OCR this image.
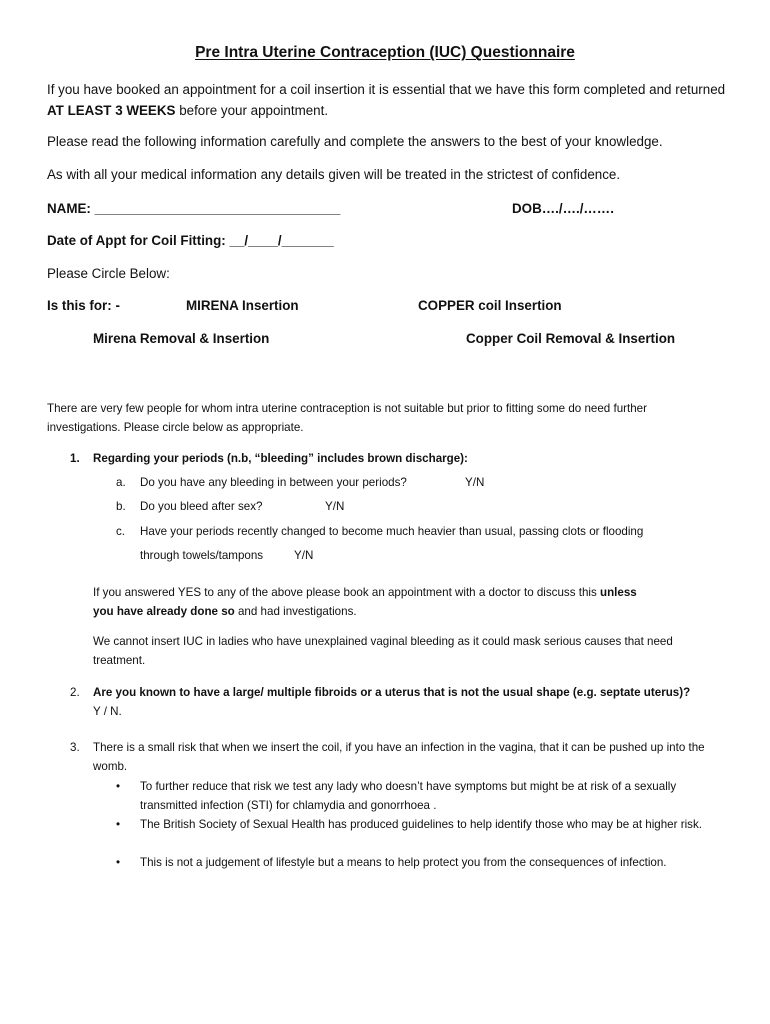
Pre Intra Uterine Contraception (IUC) Questionnaire
If you have booked an appointment for a coil insertion it is essential that we have this form completed and returned AT LEAST 3 WEEKS before your appointment.
Please read the following information carefully and complete the answers to the best of your knowledge.
As with all your medical information any details given will be treated in the strictest of confidence.
NAME: _________________________________	DOB…./…./…….
Date of Appt for Coil Fitting: __/____/_______
Please Circle Below:
Is this for: -	MIRENA Insertion	COPPER coil Insertion
Mirena Removal & Insertion	Copper Coil Removal & Insertion
There are very few people for whom intra uterine contraception is not suitable but prior to fitting some do need further investigations. Please circle below as appropriate.
1. Regarding your periods (n.b, “bleeding” includes brown discharge):
a. Do you have any bleeding in between your periods?	Y/N
b. Do you bleed after sex?	Y/N
c. Have your periods recently changed to become much heavier than usual, passing clots or flooding
through towels/tampons	Y/N
If you answered YES to any of the above please book an appointment with a doctor to discuss this unless
you have already done so and had investigations.
We cannot insert IUC in ladies who have unexplained vaginal bleeding as it could mask serious causes that need treatment.
2. Are you known to have a large/ multiple fibroids or a uterus that is not the usual shape (e.g. septate uterus)?     Y / N.
3. There is a small risk that when we insert the coil, if you have an infection in the vagina, that it can be pushed up into the womb.
• To further reduce that risk we test any lady who doesn’t have symptoms but might be at risk of a sexually transmitted infection (STI) for chlamydia and gonorrhoea .
• The British Society of Sexual Health has produced guidelines to help identify those who may be at higher risk.
• This is not a judgement of lifestyle but a means to help protect you from the consequences of infection.
